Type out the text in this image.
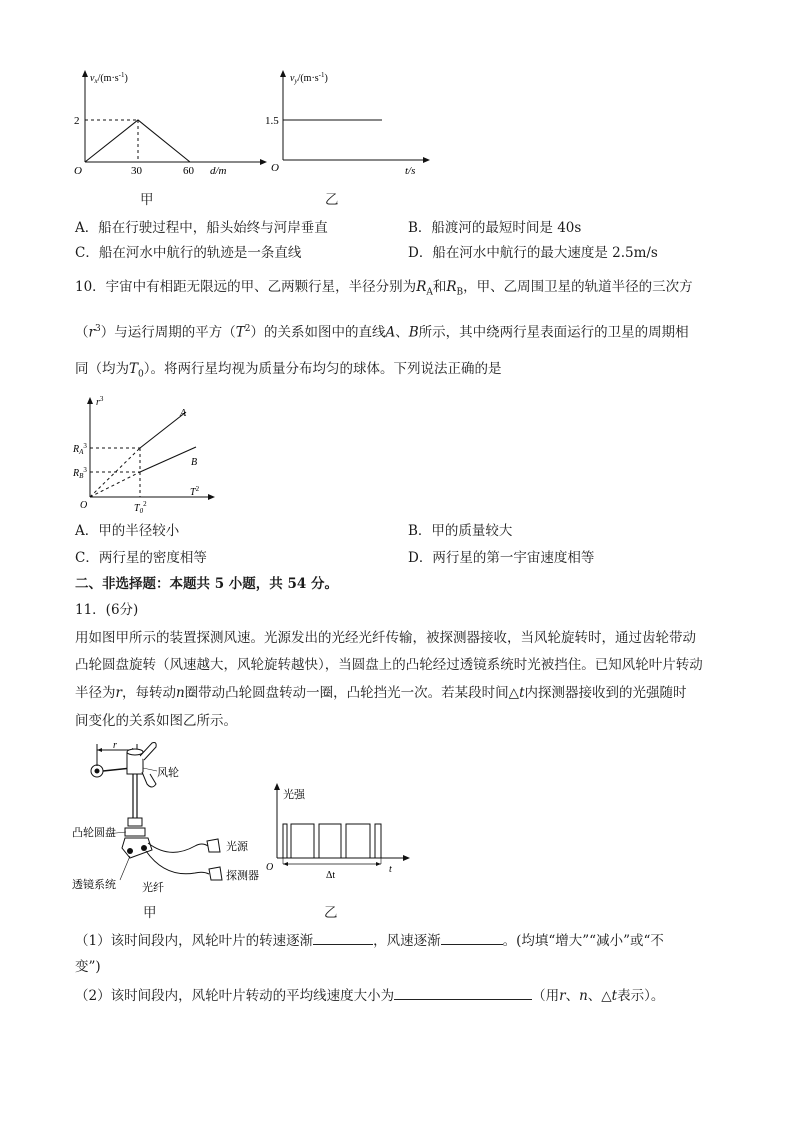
$v_x/(m\cdot s^{-1})$
2
O	30	60 d/m
甲
$v_y/(m\cdot s^{-1})$
1.5
O	t/s
乙
A．船在行驶过程中，船头始终与河岸垂直	B．船渡河的最短时间是 40s
C．船在河水中航行的轨迹是一条直线	D．船在河水中航行的最大速度是 2.5m/s
10．宇宙中有相距无限远的甲、乙两颗行星，半径分别为$R_A$和$R_B$，甲、乙周围卫星的轨道半径的三次方
$(r^3)$与运行周期的平方$(T^2)$的关系如图中的直线A、B所示，其中绕两行星表面运行的卫星的周期相
同（均为$T_0$）。将两行星均视为质量分布均匀的球体。下列说法正确的是
$r^3$
$R_A^3$
$R_B^3$
O	$T_0^2$
$T^2$
A
B
A．甲的半径较小	B．甲的质量较大
C．两行星的密度相等	D．两行星的第一宇宙速度相等
二、非选择题：本题共 5 小题，共 54 分。
11．(6分)
用如图甲所示的装置探测风速。光源发出的光经光纤传输，被探测器接收，当风轮旋转时，通过齿轮带动
凸轮圆盘旋转（风速越大，风轮旋转越快），当圆盘上的凸轮经过透镜系统时光被挡住。已知风轮叶片转动
半径为r，每转动n圈带动凸轮圆盘转动一圈，凸轮挡光一次。若某段时间△t内探测器接收到的光强随时
间变化的关系如图乙所示。
r
风轮
凸轮圆盘
光源
探测器
透镜系统 光纤
甲
光强
O	t
Δt
乙
（1）该时间段内，风轮叶片的转速逐渐	，风速逐渐	。(均填“增大”“减小”或“不
变”)
（2）该时间段内，风轮叶片转动的平均线速度大小为	（用r、n、△t表示）。
